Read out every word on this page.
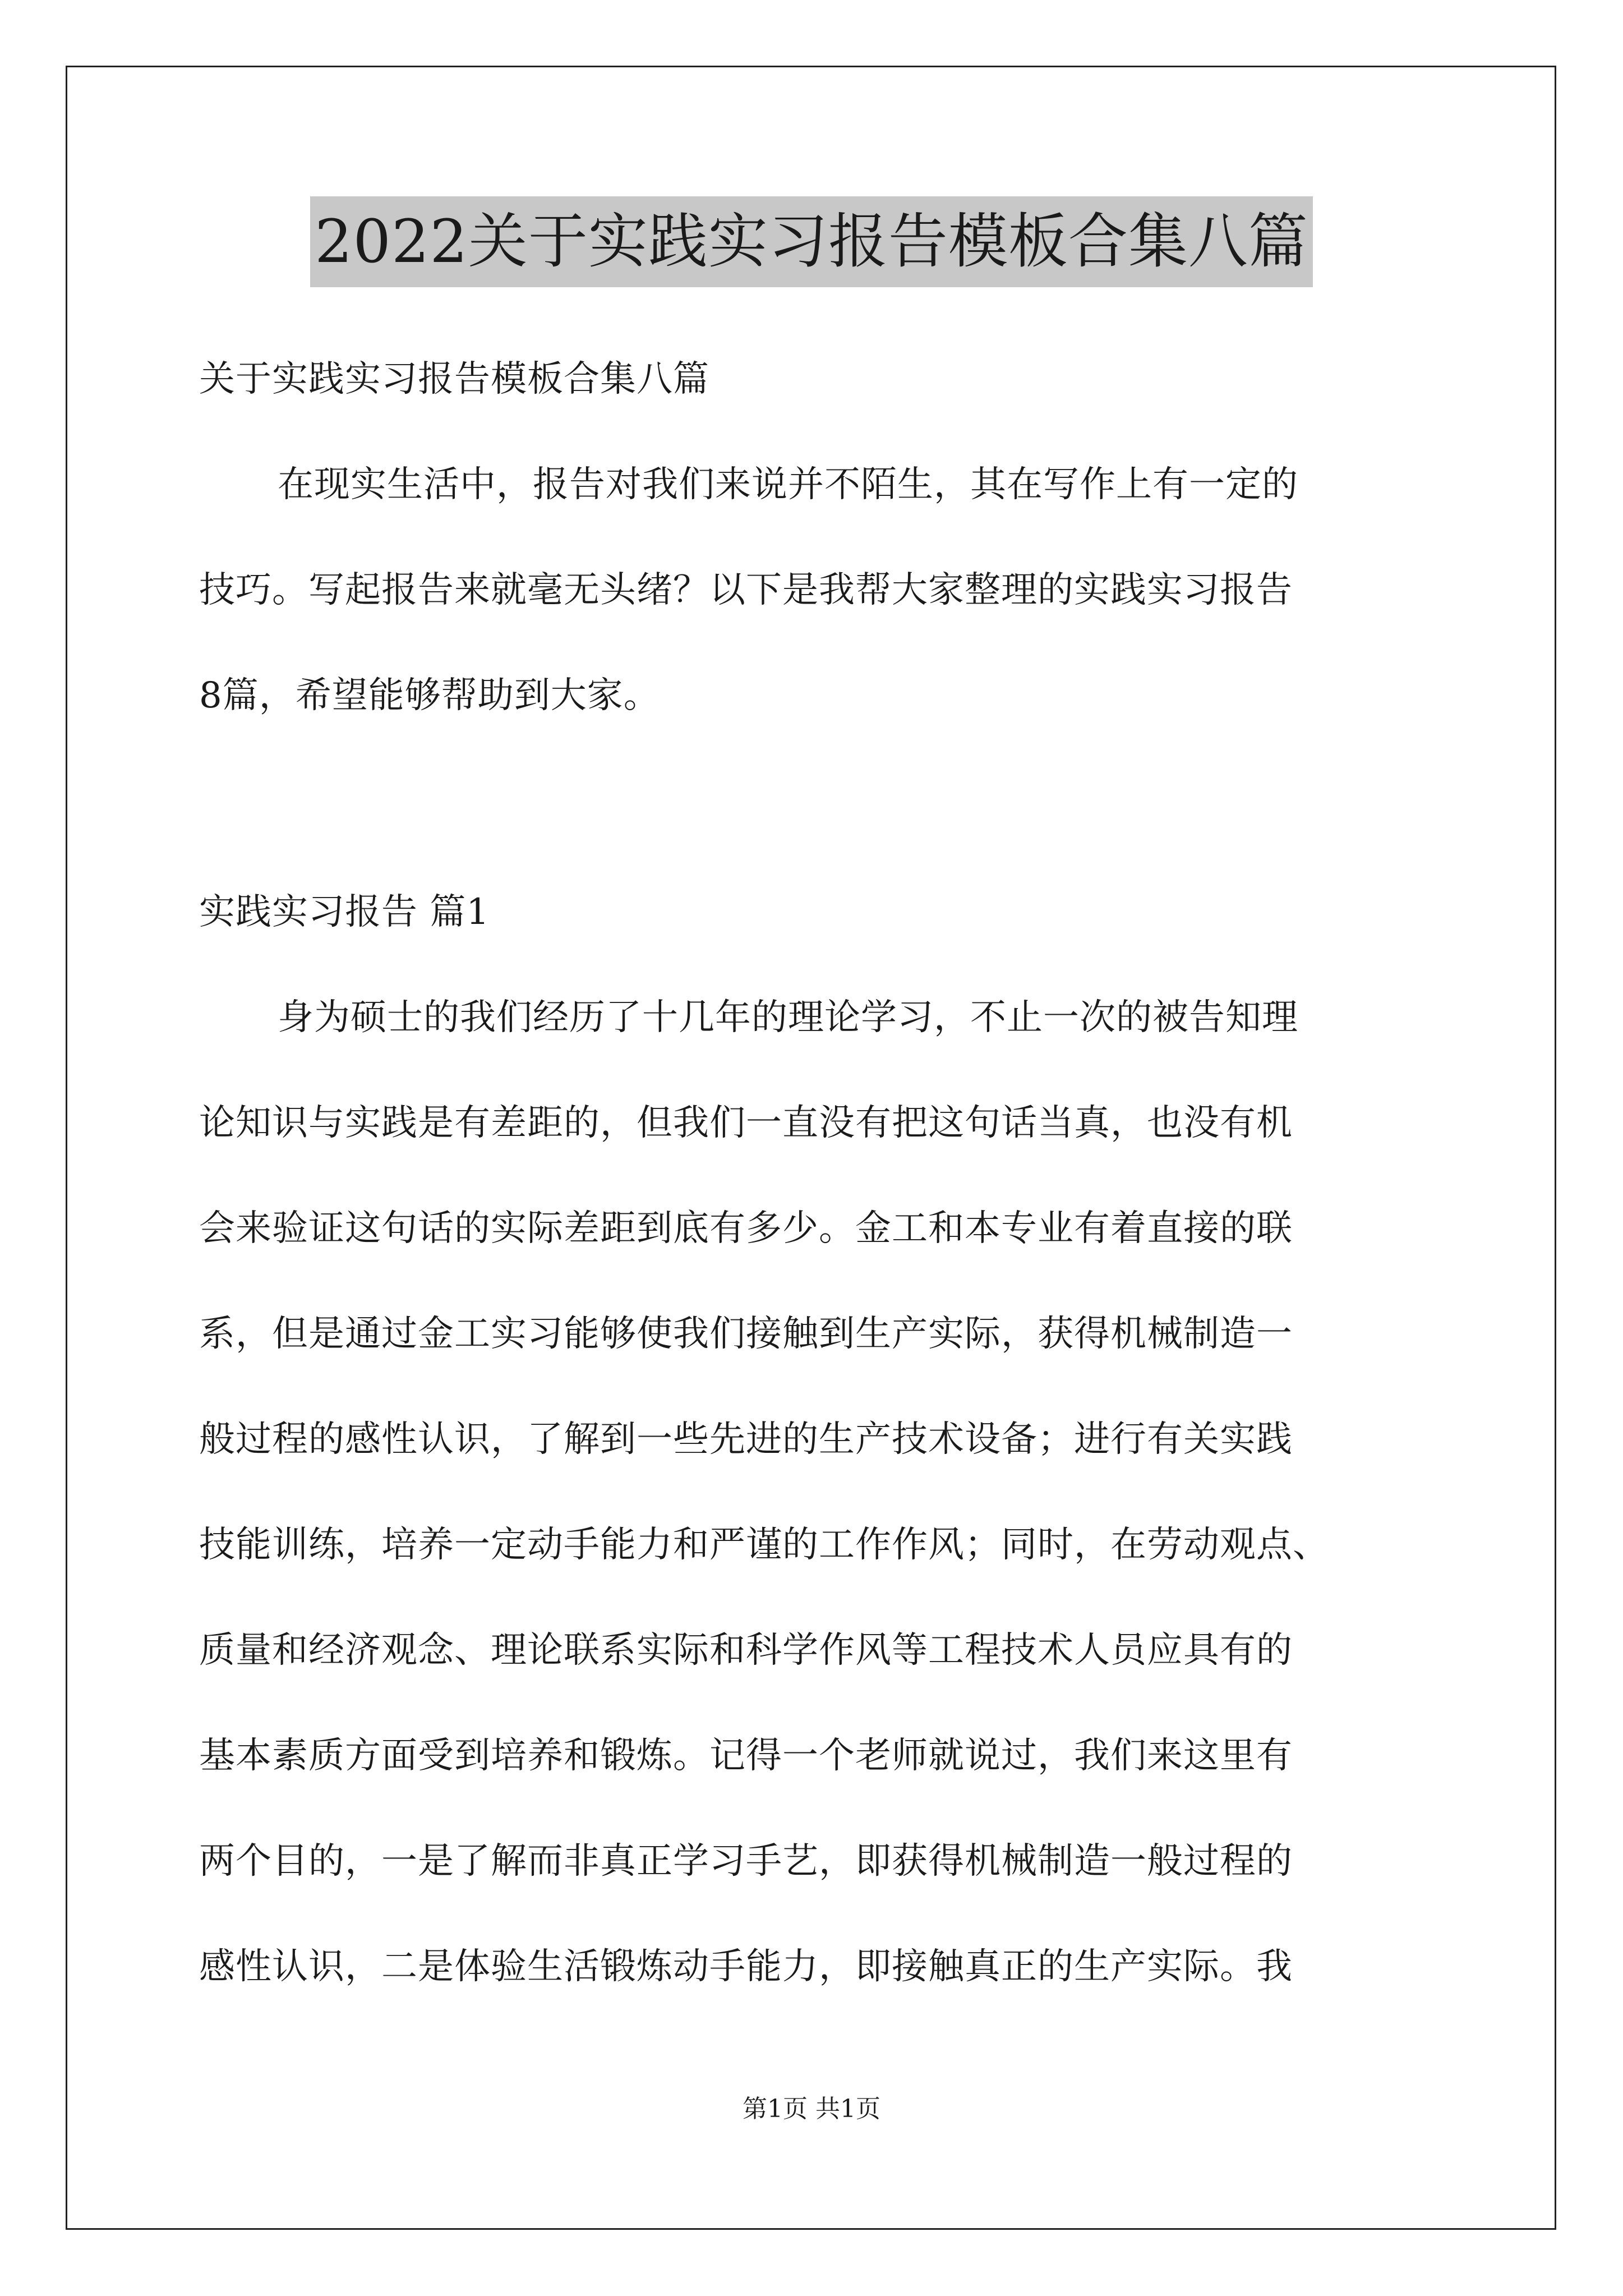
2022关于实践实习报告模板合集八篇
关于实践实习报告模板合集八篇
在现实生活中，报告对我们来说并不陌生，其在写作上有一定的
技巧。写起报告来就毫无头绪？以下是我帮大家整理的实践实习报告
8篇，希望能够帮助到大家。
实践实习报告 篇1
身为硕士的我们经历了十几年的理论学习，不止一次的被告知理
论知识与实践是有差距的，但我们一直没有把这句话当真，也没有机
会来验证这句话的实际差距到底有多少。金工和本专业有着直接的联
系，但是通过金工实习能够使我们接触到生产实际，获得机械制造一
般过程的感性认识，了解到一些先进的生产技术设备；进行有关实践
技能训练，培养一定动手能力和严谨的工作作风；同时，在劳动观点、
质量和经济观念、理论联系实际和科学作风等工程技术人员应具有的
基本素质方面受到培养和锻炼。记得一个老师就说过，我们来这里有
两个目的，一是了解而非真正学习手艺，即获得机械制造一般过程的
感性认识，二是体验生活锻炼动手能力，即接触真正的生产实际。我
第1页 共1页
